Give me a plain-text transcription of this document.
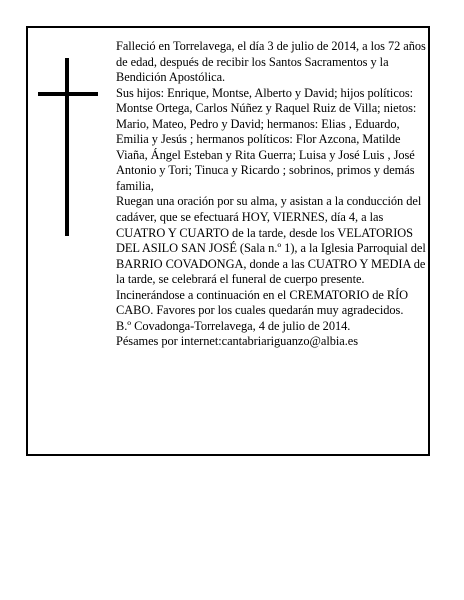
Falleció en Torrelavega, el día 3 de julio de 2014, a los 72 años de edad, después de recibir los Santos Sacramentos y la Bendición Apostólica.

Sus hijos: Enrique, Montse, Alberto y David; hijos políticos: Montse Ortega, Carlos Núñez y Raquel Ruiz de Villa; nietos: Mario, Mateo, Pedro y David; hermanos: Elias , Eduardo, Emilia y Jesús ; hermanos políticos: Flor Azcona, Matilde Viaña, Ángel Esteban y Rita Guerra; Luisa y José Luis , José Antonio y Tori; Tinuca y Ricardo ; sobrinos, primos y demás familia,

Ruegan una oración por su alma, y asistan a la conducción del cadáver, que se efectuará HOY, VIERNES, día 4, a las CUATRO Y CUARTO de la tarde, desde los VELATORIOS DEL ASILO SAN JOSÉ (Sala n.º 1), a la Iglesia Parroquial del BARRIO COVADONGA, donde a las CUATRO Y MEDIA de la tarde, se celebrará el funeral de cuerpo presente.

Incinerándose a continuación en el CREMATORIO de RÍO CABO. Favores por los cuales quedarán muy agradecidos.

B.º Covadonga-Torrelavega, 4 de julio de 2014.

Pésames por internet:cantabriariguanzo@albia.es
